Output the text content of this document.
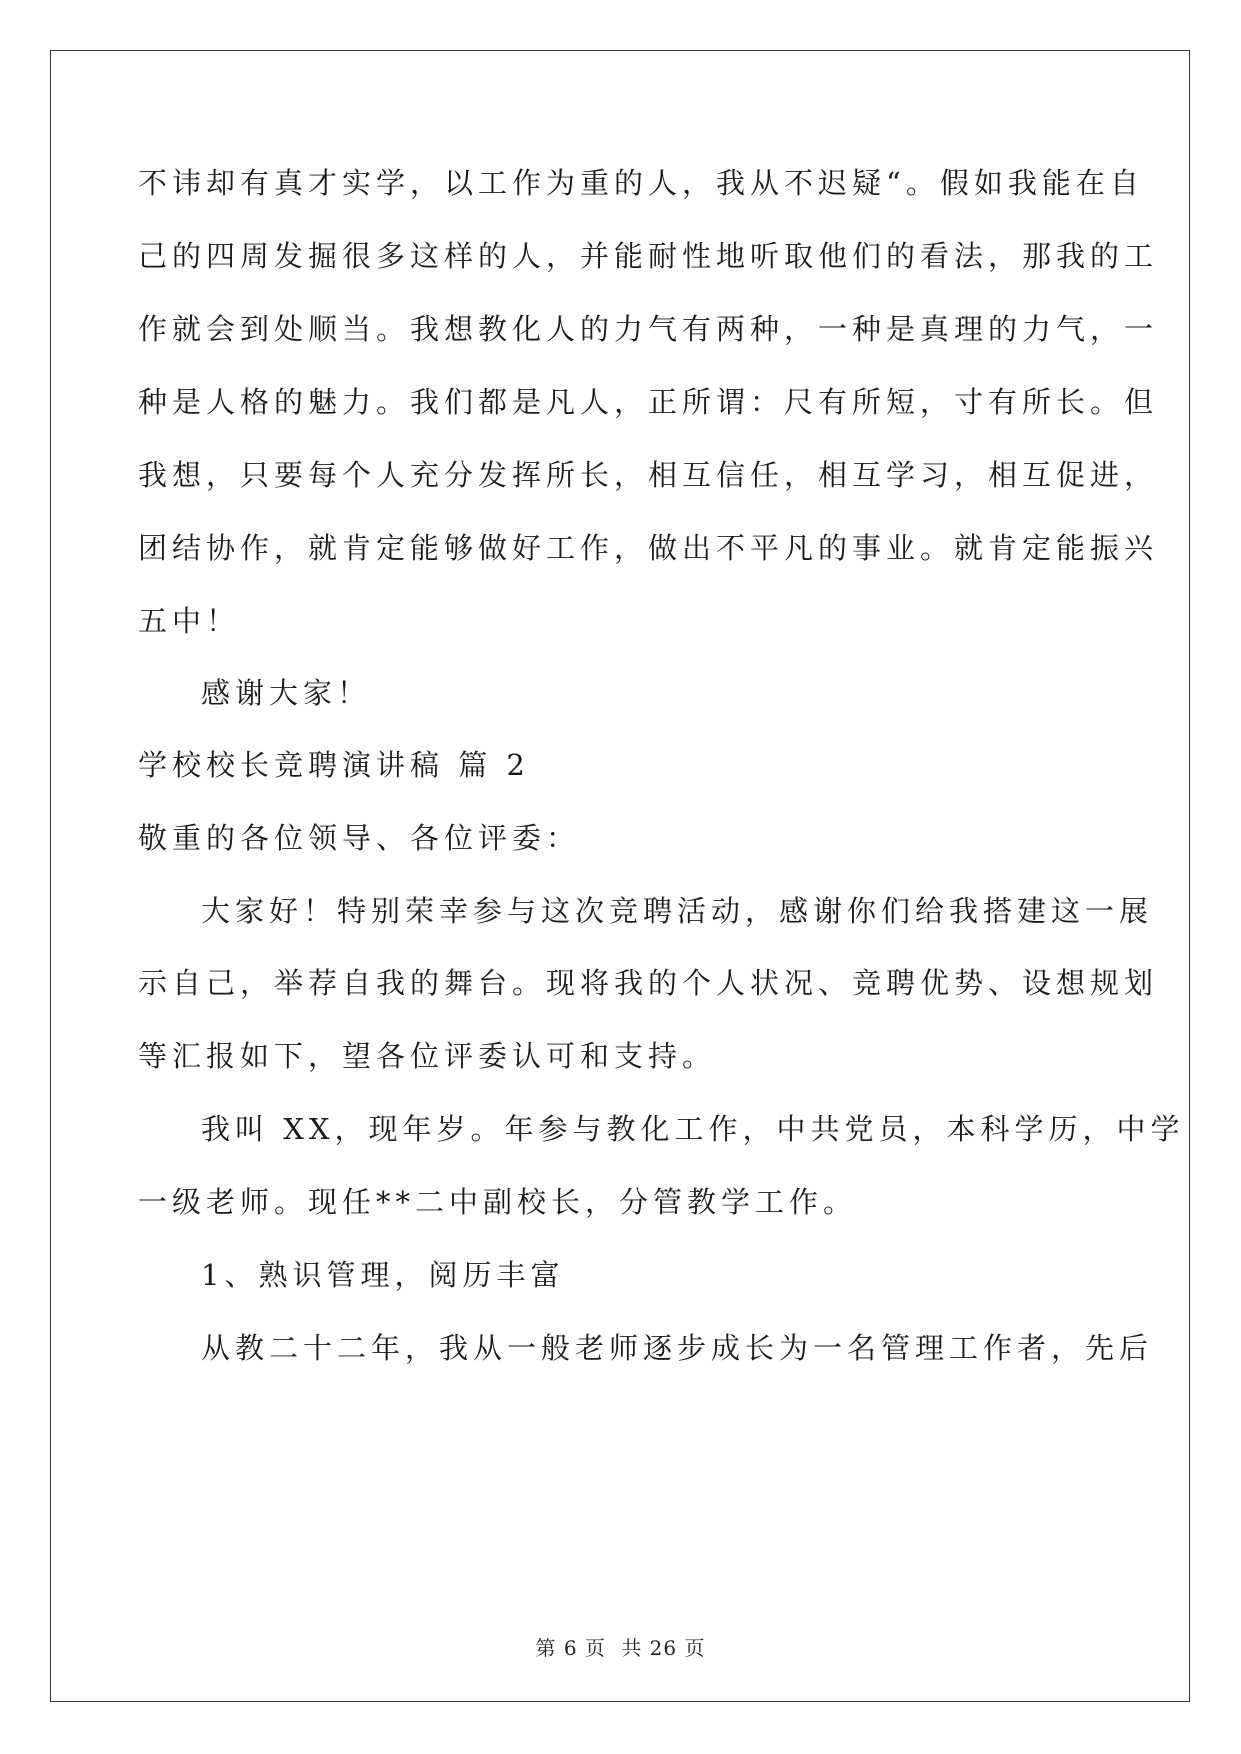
不讳却有真才实学，以工作为重的人，我从不迟疑“。假如我能在自
己的四周发掘很多这样的人，并能耐性地听取他们的看法，那我的工
作就会到处顺当。我想教化人的力气有两种，一种是真理的力气，一
种是人格的魅力。我们都是凡人，正所谓：尺有所短，寸有所长。但
我想，只要每个人充分发挥所长，相互信任，相互学习，相互促进，
团结协作，就肯定能够做好工作，做出不平凡的事业。就肯定能振兴
五中！
感谢大家！
学校校长竞聘演讲稿 篇 2
敬重的各位领导、各位评委：
大家好！特别荣幸参与这次竞聘活动，感谢你们给我搭建这一展
示自己，举荐自我的舞台。现将我的个人状况、竞聘优势、设想规划
等汇报如下，望各位评委认可和支持。
我叫 XX，现年岁。年参与教化工作，中共党员，本科学历，中学
一级老师。现任**二中副校长，分管教学工作。
1、熟识管理，阅历丰富
从教二十二年，我从一般老师逐步成长为一名管理工作者，先后
第 6 页 共 26 页
